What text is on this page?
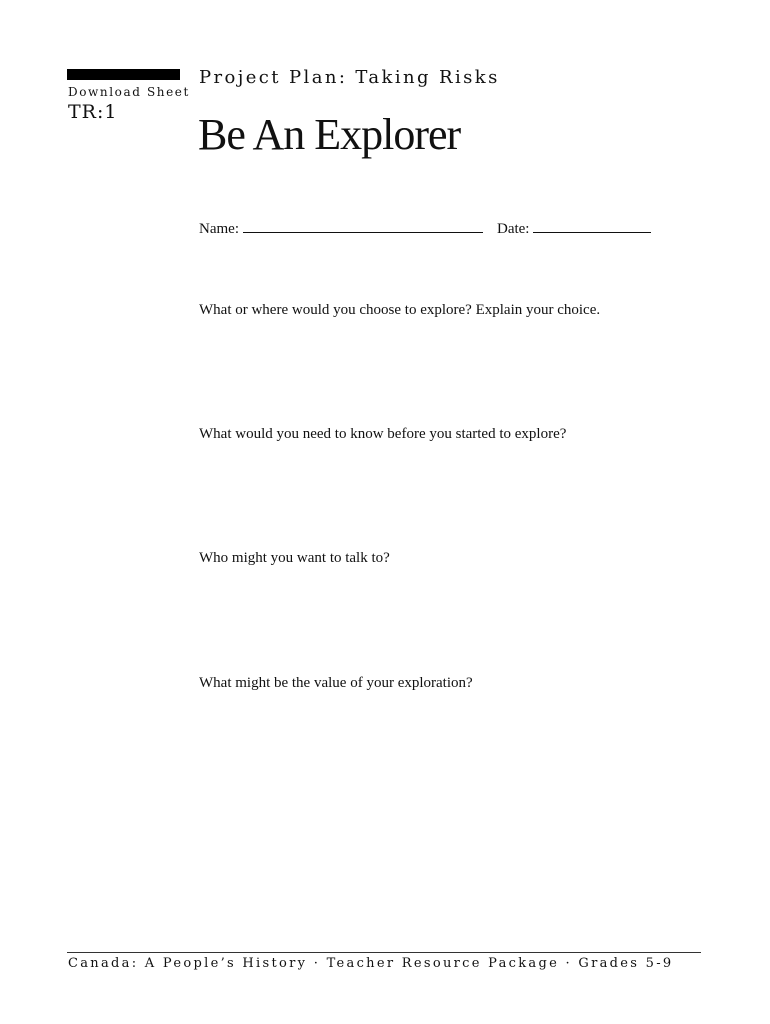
Download Sheet
TR:1
Project Plan: Taking Risks
Be An Explorer
Name:	Date:
What or where would you choose to explore? Explain your choice.
What would you need to know before you started to explore?
Who might you want to talk to?
What might be the value of your exploration?
Canada: A People’s History · Teacher Resource Package · Grades 5-9
